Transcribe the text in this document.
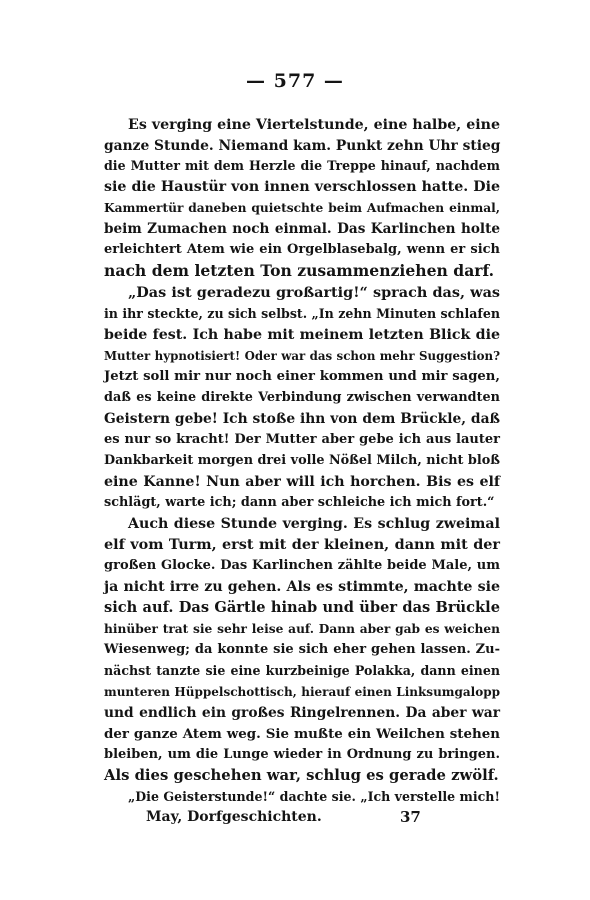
— 577 —
Es verging eine Viertelstunde, eine halbe, eine
ganze Stunde. Niemand kam. Punkt zehn Uhr stieg
die Mutter mit dem Herzle die Treppe hinauf, nachdem
sie die Haustür von innen verschlossen hatte. Die
Kammertür daneben quietschte beim Aufmachen einmal,
beim Zumachen noch einmal. Das Karlinchen holte
erleichtert Atem wie ein Orgelblasebalg, wenn er sich
nach dem letzten Ton zusammenziehen darf.
„Das ist geradezu großartig!“ sprach das, was
in ihr steckte, zu sich selbst. „In zehn Minuten schlafen
beide fest. Ich habe mit meinem letzten Blick die
Mutter hypnotisiert! Oder war das schon mehr Suggestion?
Jetzt soll mir nur noch einer kommen und mir sagen,
daß es keine direkte Verbindung zwischen verwandten
Geistern gebe! Ich stoße ihn von dem Brückle, daß
es nur so kracht! Der Mutter aber gebe ich aus lauter
Dankbarkeit morgen drei volle Nößel Milch, nicht bloß
eine Kanne! Nun aber will ich horchen. Bis es elf
schlägt, warte ich; dann aber schleiche ich mich fort.“
Auch diese Stunde verging. Es schlug zweimal
elf vom Turm, erst mit der kleinen, dann mit der
großen Glocke. Das Karlinchen zählte beide Male, um
ja nicht irre zu gehen. Als es stimmte, machte sie
sich auf. Das Gärtle hinab und über das Brückle
hinüber trat sie sehr leise auf. Dann aber gab es weichen
Wiesenweg; da konnte sie sich eher gehen lassen. Zu-
nächst tanzte sie eine kurzbeinige Polakka, dann einen
munteren Hüppelschottisch, hierauf einen Linksumgalopp
und endlich ein großes Ringelrennen. Da aber war
der ganze Atem weg. Sie mußte ein Weilchen stehen
bleiben, um die Lunge wieder in Ordnung zu bringen.
Als dies geschehen war, schlug es gerade zwölf.
„Die Geisterstunde!“ dachte sie. „Ich verstelle mich!
May, Dorfgeschichten.	37
